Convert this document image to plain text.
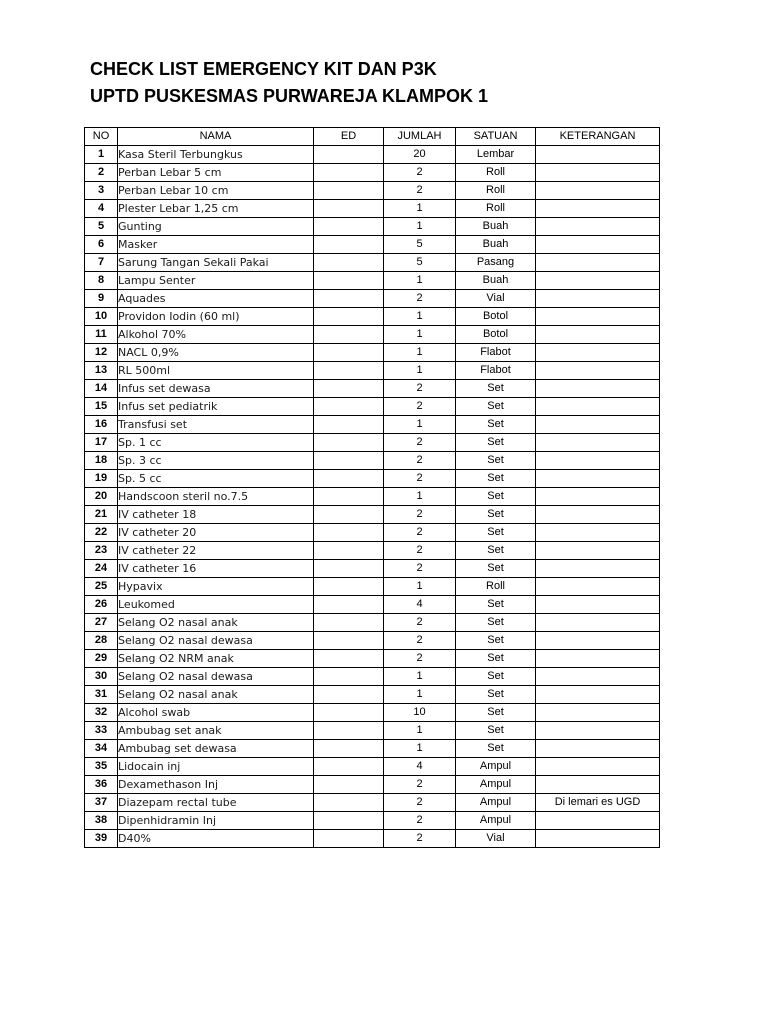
CHECK LIST EMERGENCY KIT DAN P3K
UPTD PUSKESMAS PURWAREJA KLAMPOK 1
NO	NAMA	ED	JUMLAH	SATUAN	KETERANGAN
1	Kasa Steril Terbungkus		20	Lembar	
2	Perban Lebar 5 cm		2	Roll	
3	Perban Lebar 10 cm		2	Roll	
4	Plester Lebar 1,25 cm		1	Roll	
5	Gunting		1	Buah	
6	Masker		5	Buah	
7	Sarung Tangan Sekali Pakai		5	Pasang	
8	Lampu Senter		1	Buah	
9	Aquades		2	Vial	
10	Providon Iodin (60 ml)		1	Botol	
11	Alkohol 70%		1	Botol	
12	NACL 0,9%		1	Flabot	
13	RL 500ml		1	Flabot	
14	Infus set dewasa		2	Set	
15	Infus set pediatrik		2	Set	
16	Transfusi set		1	Set	
17	Sp. 1 cc		2	Set	
18	Sp. 3 cc		2	Set	
19	Sp. 5 cc		2	Set	
20	Handscoon steril no.7.5		1	Set	
21	IV catheter 18		2	Set	
22	IV catheter 20		2	Set	
23	IV catheter 22		2	Set	
24	IV catheter 16		2	Set	
25	Hypavix		1	Roll	
26	Leukomed		4	Set	
27	Selang O2 nasal anak		2	Set	
28	Selang O2 nasal dewasa		2	Set	
29	Selang O2 NRM anak		2	Set	
30	Selang O2 nasal dewasa		1	Set	
31	Selang O2 nasal anak		1	Set	
32	Alcohol swab		10	Set	
33	Ambubag set anak		1	Set	
34	Ambubag set dewasa		1	Set	
35	Lidocain inj		4	Ampul	
36	Dexamethason Inj		2	Ampul	
37	Diazepam rectal tube		2	Ampul	Di lemari es UGD
38	Dipenhidramin Inj		2	Ampul	
39	D40%		2	Vial	
